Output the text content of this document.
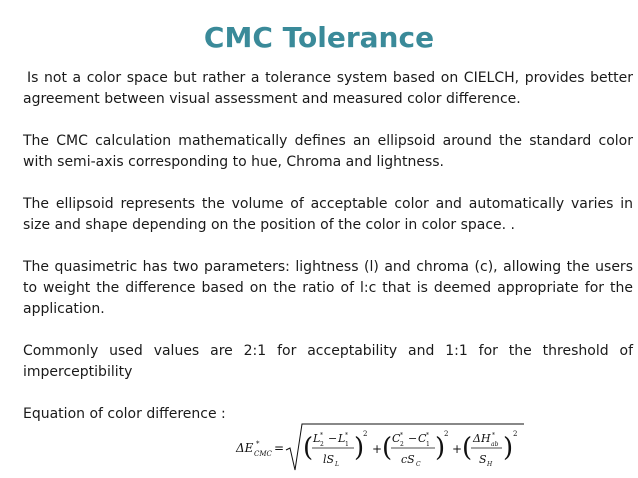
CMC Tolerance

Is not a color space but rather a tolerance system based on CIELCH, provides better agreement between visual assessment and measured color difference.

The CMC calculation mathematically defines an ellipsoid around the standard color with semi-axis corresponding to hue, Chroma and lightness.

The ellipsoid represents the volume of acceptable color and automatically varies in size and shape depending on the position of the color in color space. .

The quasimetric has two parameters: lightness (l) and chroma (c), allowing the users to weight the difference based on the ratio of l:c that is deemed appropriate for the application.

Commonly used values are 2:1 for acceptability and 1:1 for the threshold of imperceptibility

Equation of color difference :

ΔE *
CMC = ( L *
2 − L *
1
lS L
)
2
+ ( C *
2 − C *
1
cS C
)
2
+ ( ΔH *
ab
S H
) 2
